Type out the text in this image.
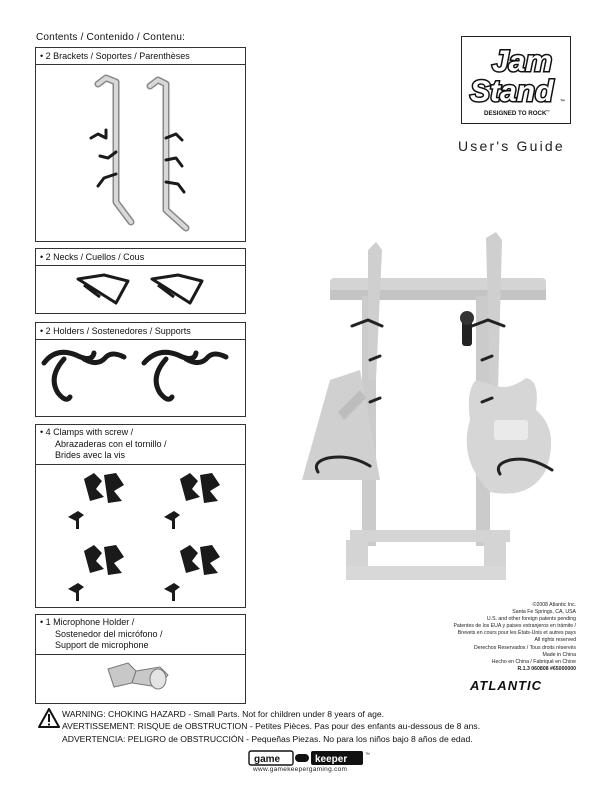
Contents / Contenido / Contenu:
• 2 Brackets / Soportes / Parenthèses
• 2 Necks / Cuellos / Cous
• 2 Holders / Sostenedores / Supports
• 4 Clamps with screw /
Abrazaderas con el tornillo /
Brides avec la vis
• 1 Microphone Holder /
Sostenedor del micrófono /
Support de microphone
Jam
Stand ™
DESIGNED TO ROCK ™
User's Guide
©2008 Atlantic Inc.
Santa Fe Springs, CA, USA
U.S. and other foreign patents pending
Patentes de los EUA y paises extranjeros en trámite /
Brevets en cours pour les États-Unis et autres pays
All rights reserved
Derechos Reservados / Tous droits réservés
Made in China
Hecho en China / Fabriqué en Chine
R.1.3 060808 #65000000
ATLANTIC
WARNING: CHOKING HAZARD - Small Parts. Not for children under 8 years of age.
AVERTISSEMENT: RISQUE de OBSTRUCTION - Petites Pièces. Pas pour des enfants au-dessous de 8 ans.
ADVERTENCIA: PELIGRO de OBSTRUCCIÓN - Pequeñas Piezas. No para los niños bajo 8 años de edad.
game	keeper	™
www.gamekeepergaming.com
